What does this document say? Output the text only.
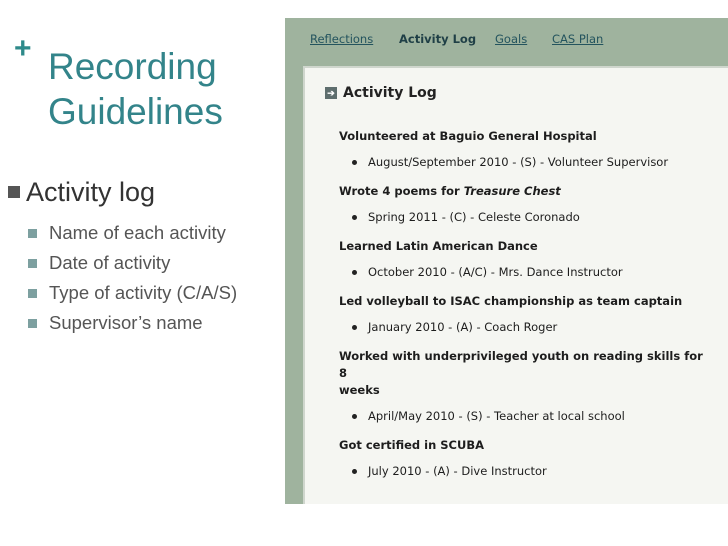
+ Recording
Guidelines
Activity log
Name of each activity
Date of activity
Type of activity (C/A/S)
Supervisor’s name
Reflections Activity Log Goals CAS Plan
➔ Activity Log
Volunteered at Baguio General Hospital
August/September 2010 - (S) - Volunteer Supervisor
Wrote 4 poems for Treasure Chest
Spring 2011 - (C) - Celeste Coronado
Learned Latin American Dance
October 2010 - (A/C) - Mrs. Dance Instructor
Led volleyball to ISAC championship as team captain
January 2010 - (A) - Coach Roger
Worked with underprivileged youth on reading skills for 8
weeks
April/May 2010 - (S) - Teacher at local school
Got certified in SCUBA
July 2010 - (A) - Dive Instructor
